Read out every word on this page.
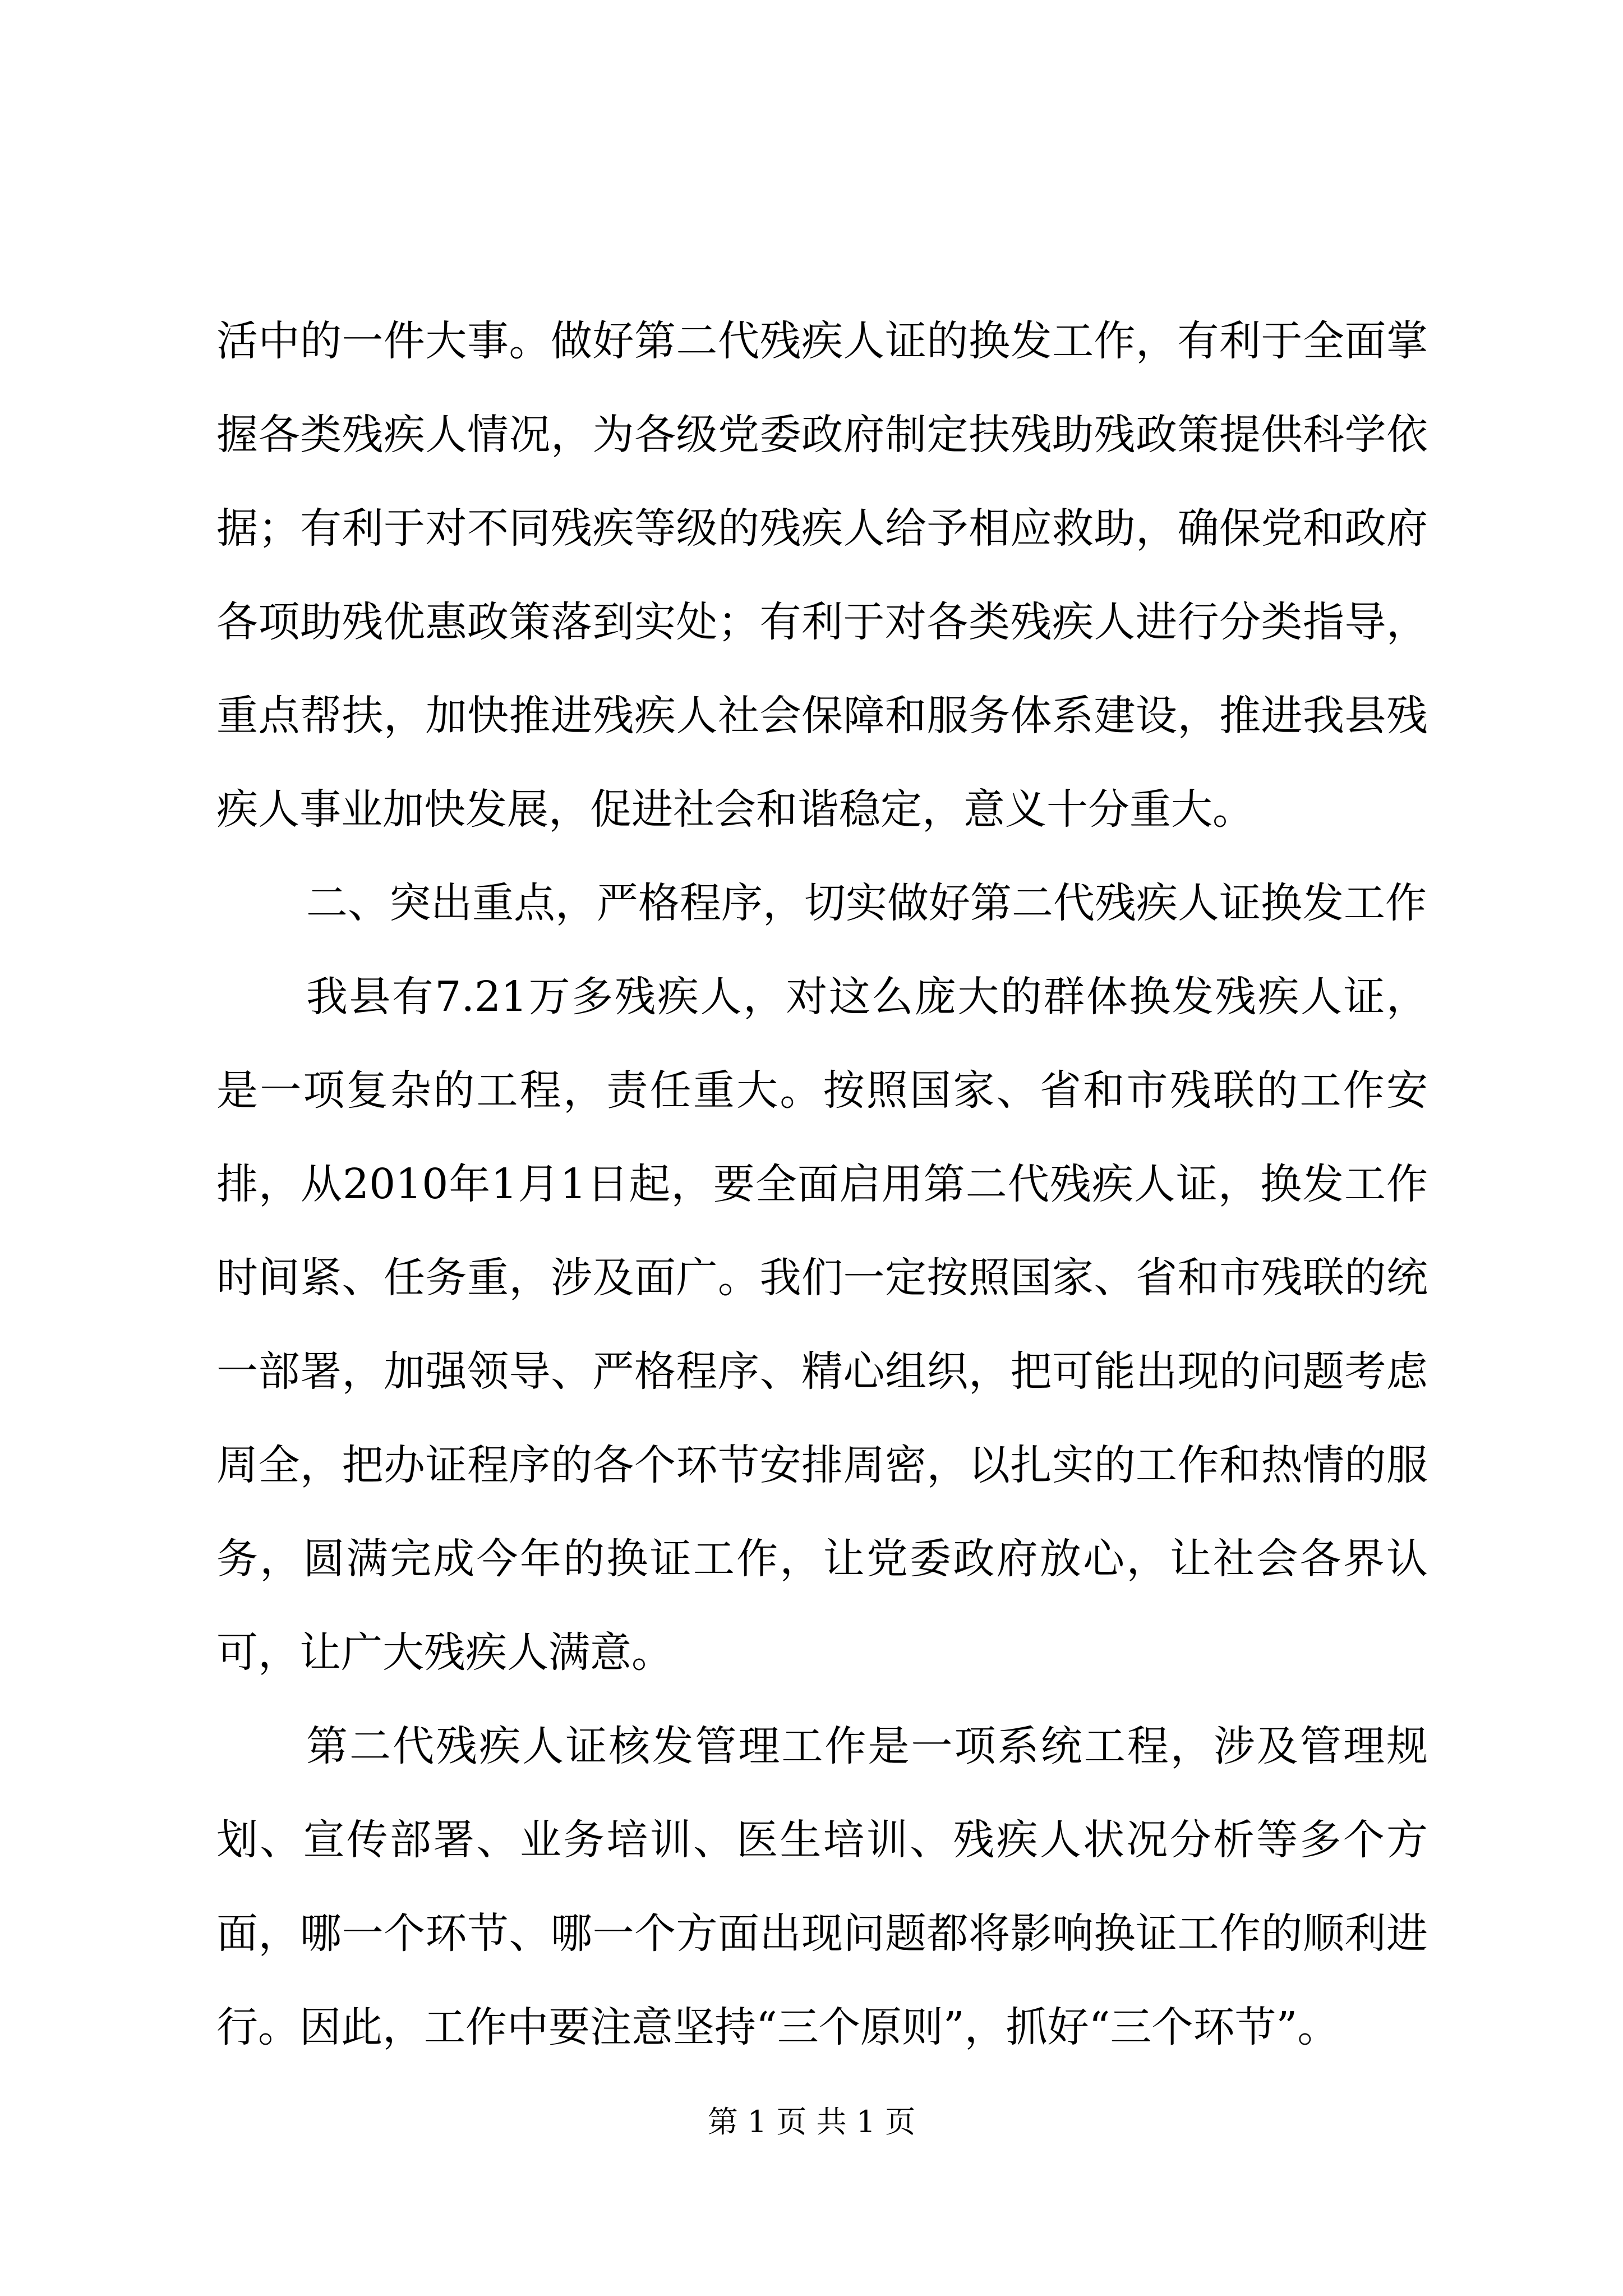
活中的一件大事。做好第二代残疾人证的换发工作，有利于全面掌握各类残疾人情况，为各级党委政府制定扶残助残政策提供科学依据；有利于对不同残疾等级的残疾人给予相应救助，确保党和政府各项助残优惠政策落到实处；有利于对各类残疾人进行分类指导，重点帮扶，加快推进残疾人社会保障和服务体系建设，推进我县残疾人事业加快发展，促进社会和谐稳定，意义十分重大。

二、突出重点，严格程序，切实做好第二代残疾人证换发工作

我县有7.21万多残疾人，对这么庞大的群体换发残疾人证，是一项复杂的工程，责任重大。按照国家、省和市残联的工作安排，从2010年1月1日起，要全面启用第二代残疾人证，换发工作时间紧、任务重，涉及面广。我们一定按照国家、省和市残联的统一部署，加强领导、严格程序、精心组织，把可能出现的问题考虑周全，把办证程序的各个环节安排周密，以扎实的工作和热情的服务，圆满完成今年的换证工作，让党委政府放心，让社会各界认可，让广大残疾人满意。

第二代残疾人证核发管理工作是一项系统工程，涉及管理规划、宣传部署、业务培训、医生培训、残疾人状况分析等多个方面，哪一个环节、哪一个方面出现问题都将影响换证工作的顺利进行。因此，工作中要注意坚持“三个原则”，抓好“三个环节”。

第 1 页 共 1 页
